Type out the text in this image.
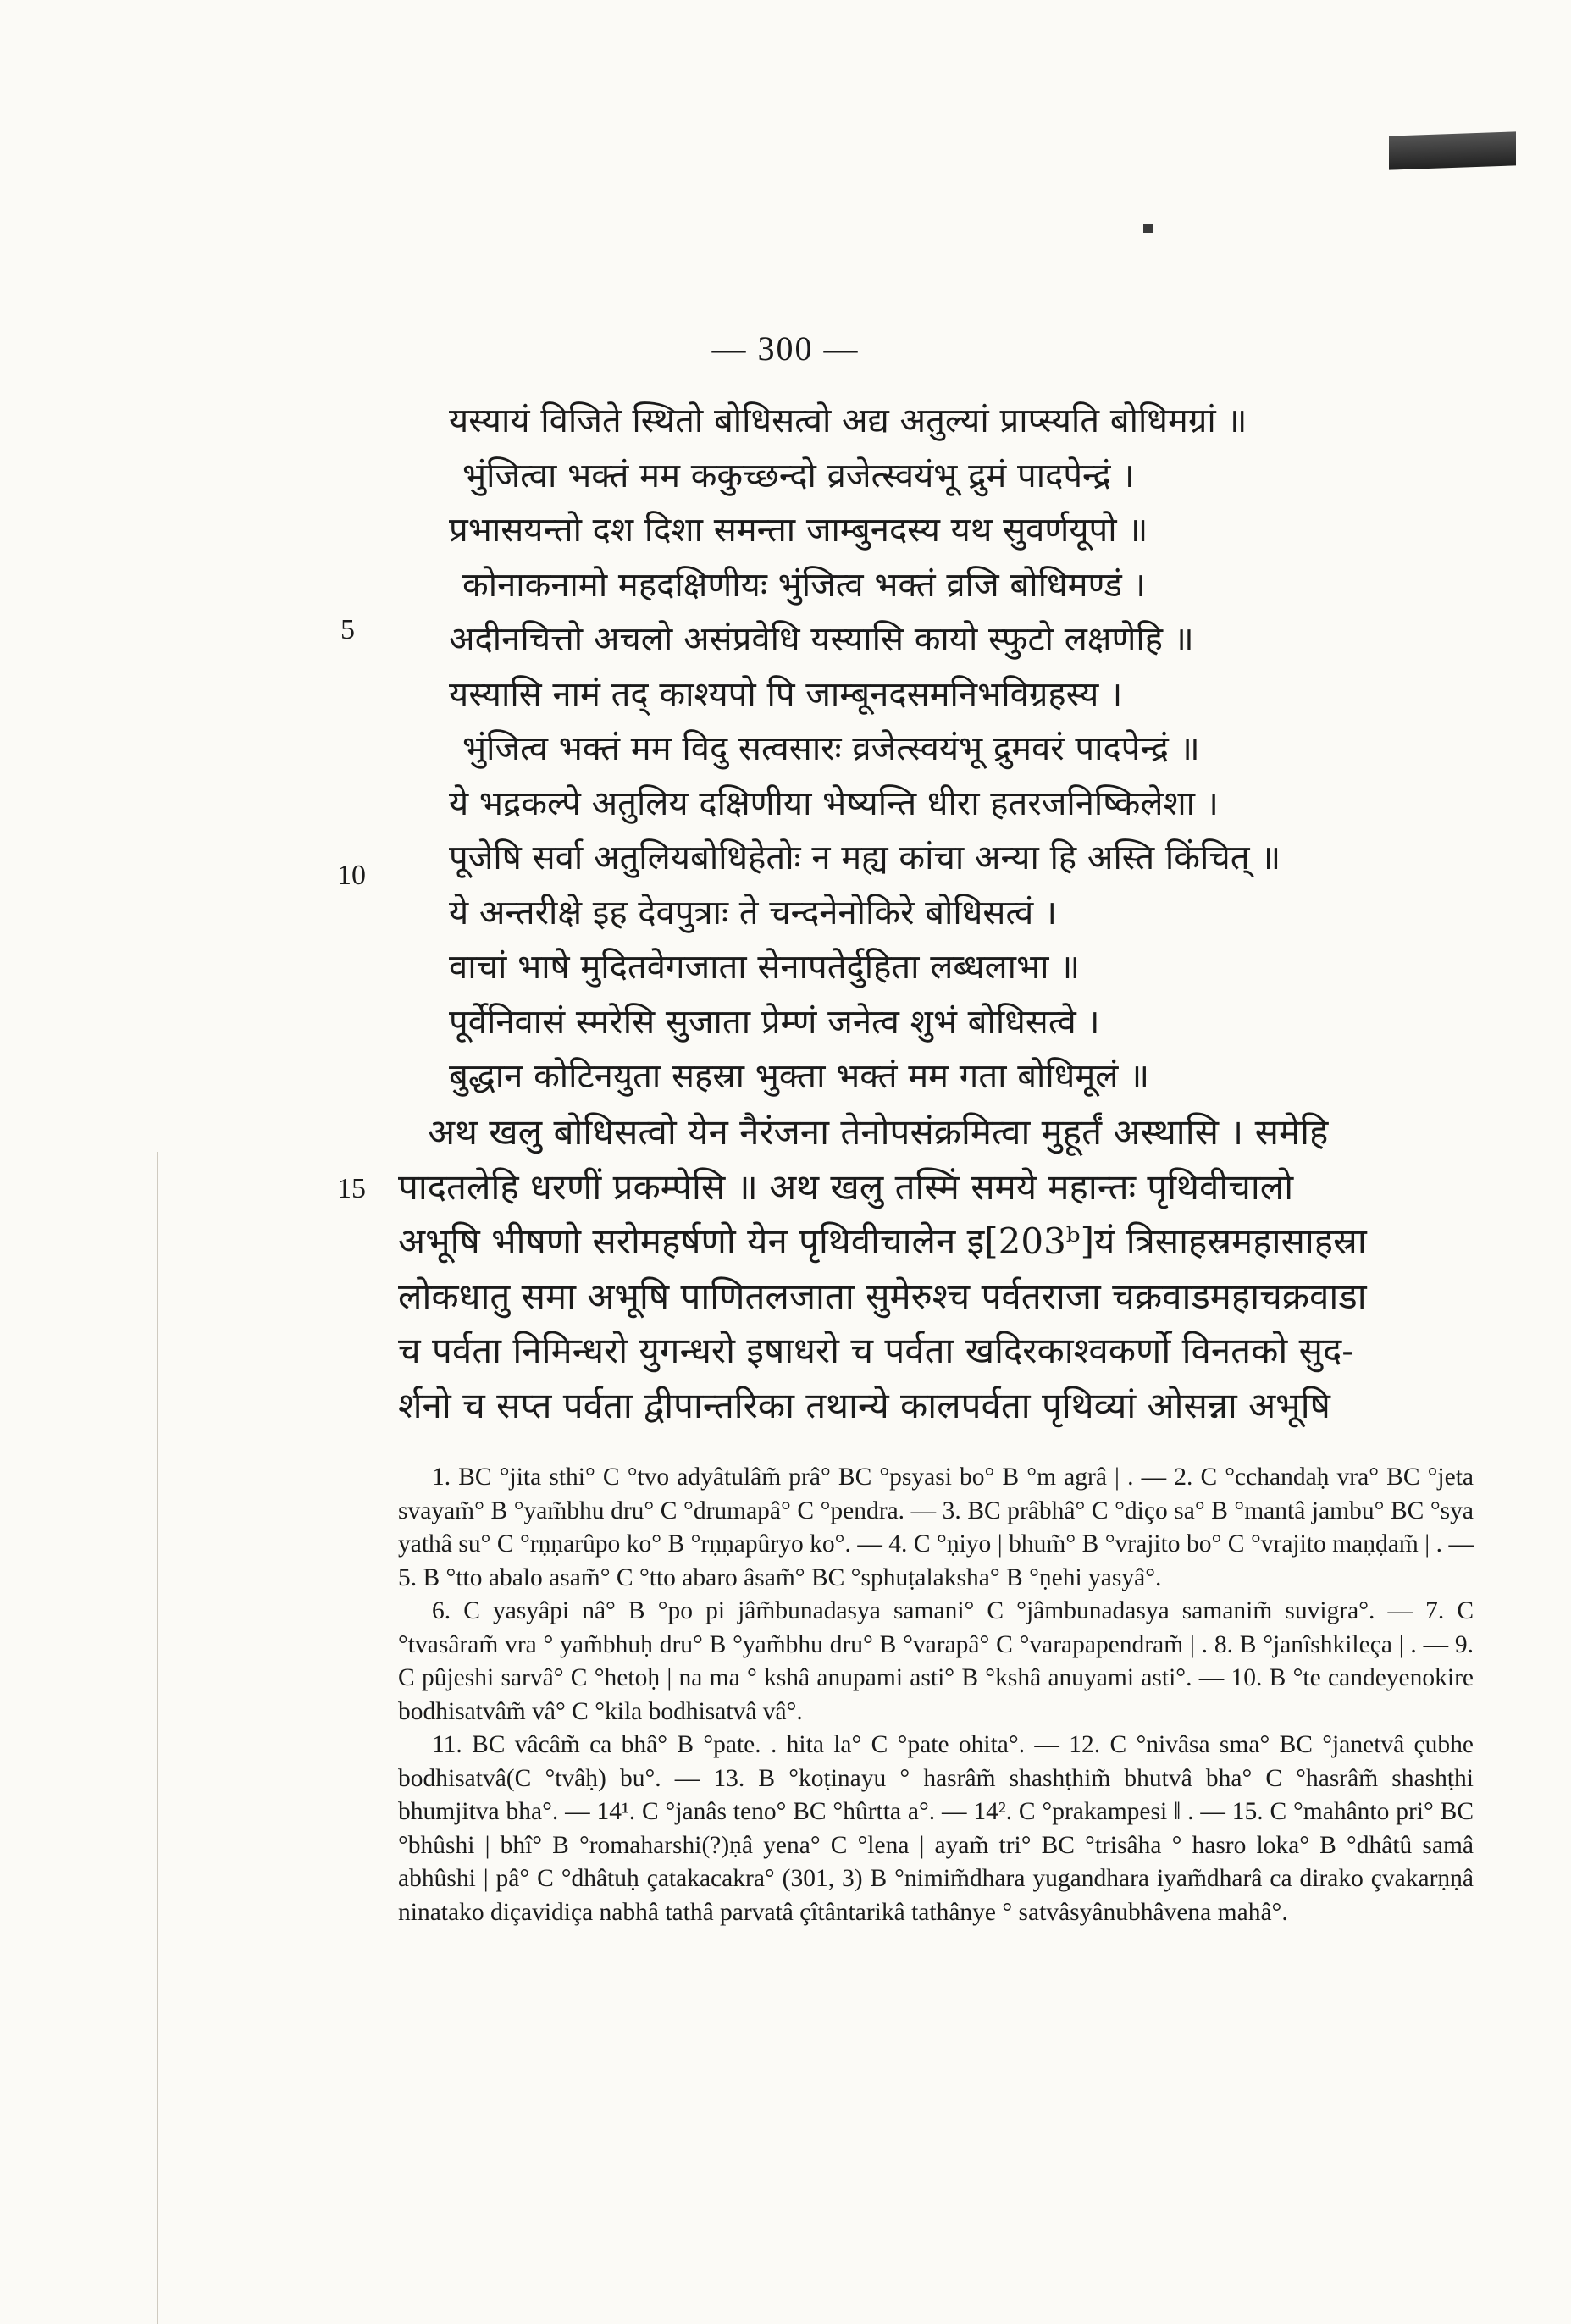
— 300 —
5
10
15
यस्यायं विजिते स्थितो बोधिसत्वो अद्य अतुल्यां प्राप्स्यति बोधिमग्रां ॥
भुंजित्वा भक्तं मम ककुच्छन्दो व्रजेत्स्वयंभू द्रुमं पादपेन्द्रं ।
प्रभासयन्तो दश दिशा समन्ता जाम्बुनदस्य यथ सुवर्णयूपो ॥
कोनाकनामो महदक्षिणीयः भुंजित्व भक्तं व्रजि बोधिमण्डं ।
अदीनचित्तो अचलो असंप्रवेधि यस्यासि कायो स्फुटो लक्षणेहि ॥
यस्यासि नामं तद् काश्यपो पि जाम्बूनदसमनिभविग्रहस्य ।
भुंजित्व भक्तं मम विदु सत्वसारः व्रजेत्स्वयंभू द्रुमवरं पादपेन्द्रं ॥
ये भद्रकल्पे अतुलिय दक्षिणीया भेष्यन्ति धीरा हतरजनिष्किलेशा ।
पूजेषि सर्वा अतुलियबोधिहेतोः न मह्य कांचा अन्या हि अस्ति किंचित् ॥
ये अन्तरीक्षे इह देवपुत्राः ते चन्दनेनोकिरे बोधिसत्वं ।
वाचां भाषे मुदितवेगजाता सेनापतेर्दुहिता लब्धलाभा ॥
पूर्वेनिवासं स्मरेसि सुजाता प्रेम्णं जनेत्व शुभं बोधिसत्वे ।
बुद्धान कोटिनयुता सहस्रा भुक्ता भक्तं मम गता बोधिमूलं ॥
अथ खलु बोधिसत्वो येन नैरंजना तेनोपसंक्रमित्वा मुहूर्तं अस्थासि । समेहि
पादतलेहि धरणीं प्रकम्पेसि ॥ अथ खलु तस्मिं समये महान्तः पृथिवीचालो
अभूषि भीषणो सरोमहर्षणो येन पृथिवीचालेन इ[203ᵇ]यं त्रिसाहस्रमहासाहस्रा
लोकधातु समा अभूषि पाणितलजाता सुमेरुश्च पर्वतराजा चक्रवाडमहाचक्रवाडा
च पर्वता निमिन्धरो युगन्धरो इषाधरो च पर्वता खदिरकाश्वकर्णो विनतको सुद-
र्शनो च सप्त पर्वता द्वीपान्तरिका तथान्ये कालपर्वता पृथिव्यां ओसन्ना अभूषि

1. BC °jita sthi° C °tvo adyâtulâm̃ prâ° BC °psyasi bo° B °m agrâ | . — 2. C °cchandaḥ vra° BC °jeta svayam̃° B °yam̃bhu dru° C °drumapâ° C °pendra. — 3. BC prâbhâ° C °diço sa° B °mantâ jambu° BC °sya yathâ su° C °rṇṇarûpo ko° B °rṇṇapûryo ko°. — 4. C °ṇiyo | bhum̃° B °vrajito bo° C °vrajito maṇḍam̃ | . — 5. B °tto abalo asam̃° C °tto abaro âsam̃° BC °sphuṭalaksha° B °ṇehi yasyâ°.

6. C yasyâpi nâ° B °po pi jâm̃bunadasya samani° C °jâmbunadasya samanim̃ suvigra°. — 7. C °tvasâram̃ vra ° yam̃bhuḥ dru° B °yam̃bhu dru° B °varapâ° C °varapapendram̃ | . 8. B °janîshkileça | . — 9. C pûjeshi sarvâ° C °hetoḥ | na ma ° kshâ anupami asti° B °kshâ anuyami asti°. — 10. B °te candeyenokire bodhisatvâm̃ vâ° C °kila bodhisatvâ vâ°.

11. BC vâcâm̃ ca bhâ° B °pate. . hita la° C °pate ohita°. — 12. C °nivâsa sma° BC °janetvâ çubhe bodhisatvâ(C °tvâḥ) bu°. — 13. B °koṭinayu ° hasrâm̃ shashṭhim̃ bhutvâ bha° C °hasrâm̃ shashṭhi bhumjitva bha°. — 14¹. C °janâs teno° BC °hûrtta a°. — 14². C °prakampesi ‖ . — 15. C °mahânto pri° BC °bhûshi | bhî° B °romaharshi(?)ṇâ yena° C °lena | ayam̃ tri° BC °trisâha ° hasro loka° B °dhâtû samâ abhûshi | pâ° C °dhâtuḥ çatakacakra° (301, 3) B °nimim̃dhara yugandhara iyam̃dharâ ca dirako çvakarṇṇâ ninatako diçavidiça nabhâ tathâ parvatâ çîtântarikâ tathânye ° satvâsyânubhâvena mahâ°.
